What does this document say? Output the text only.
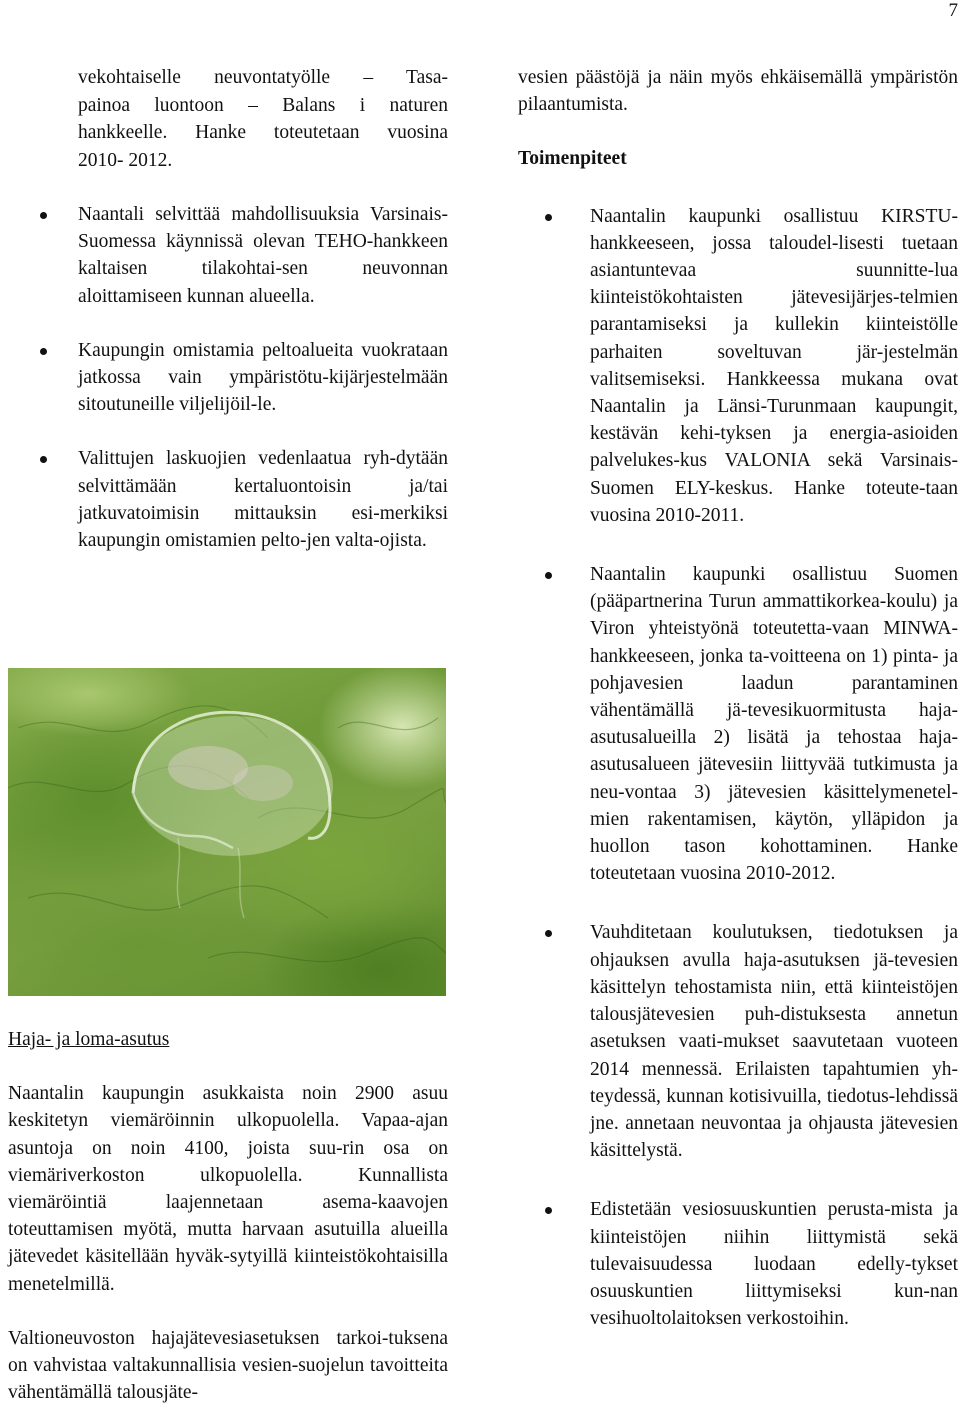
7
vekohtaiselle neuvontatyölle – Tasa-
painoa luontoon – Balans i naturen
hankkeelle. Hanke toteutetaan vuosina
2010- 2012.
Naantali selvittää mahdollisuuksia Varsinais-Suomessa käynnissä olevan TEHO-hankkeen kaltaisen tilakohtai-sen neuvonnan aloittamiseen kunnan alueella.
Kaupungin omistamia peltoalueita vuokrataan jatkossa vain ympäristötu-kijärjestelmään sitoutuneille viljelijöil-le.
Valittujen laskuojien vedenlaatua ryh-dytään selvittämään kertaluontoisin ja/tai jatkuvatoimisin mittauksin esi-merkiksi kaupungin omistamien pelto-jen valta-ojista.
Haja- ja loma-asutus

Naantalin kaupungin asukkaista noin 2900 asuu keskitetyn viemäröinnin ulkopuolella. Vapaa-ajan asuntoja on noin 4100, joista suu-rin osa on viemäriverkoston ulkopuolella. Kunnallista viemäröintiä laajennetaan asema-kaavojen toteuttamisen myötä, mutta harvaan asutuilla alueilla jätevedet käsitellään hyväk-sytyillä kiinteistökohtaisilla menetelmillä.

Valtioneuvoston hajajätevesiasetuksen tarkoi-tuksena on vahvistaa valtakunnallisia vesien-suojelun tavoitteita vähentämällä talousjäte-

vesien päästöjä ja näin myös ehkäisemällä ympäristön pilaantumista.

Toimenpiteet
Naantalin kaupunki osallistuu KIRSTU-hankkeeseen, jossa taloudel-lisesti tuetaan asiantuntevaa suunnitte-lua kiinteistökohtaisten jätevesijärjes-telmien parantamiseksi ja kullekin kiinteistölle parhaiten soveltuvan jär-jestelmän valitsemiseksi. Hankkeessa mukana ovat Naantalin ja Länsi-Turunmaan kaupungit, kestävän kehi-tyksen ja energia-asioiden palvelukes-kus VALONIA sekä Varsinais-Suomen ELY-keskus. Hanke toteute-taan vuosina 2010-2011.
Naantalin kaupunki osallistuu Suomen (pääpartnerina Turun ammattikorkea-koulu) ja Viron yhteistyönä toteutetta-vaan MINWA-hankkeeseen, jonka ta-voitteena on 1) pinta- ja pohjavesien laadun parantaminen vähentämällä jä-tevesikuormitusta haja-asutusalueilla 2) lisätä ja tehostaa haja-asutusalueen jätevesiin liittyvää tutkimusta ja neu-vontaa 3) jätevesien käsittelymenetel-mien rakentamisen, käytön, ylläpidon ja huollon tason kohottaminen. Hanke toteutetaan vuosina 2010-2012.
Vauhditetaan koulutuksen, tiedotuksen ja ohjauksen avulla haja-asutuksen jä-tevesien käsittelyn tehostamista niin, että kiinteistöjen talousjätevesien puh-distuksesta annetun asetuksen vaati-mukset saavutetaan vuoteen 2014 mennessä. Erilaisten tapahtumien yh-teydessä, kunnan kotisivuilla, tiedotus-lehdissä jne. annetaan neuvontaa ja ohjausta jätevesien käsittelystä.
Edistetään vesiosuuskuntien perusta-mista ja kiinteistöjen niihin liittymistä sekä tulevaisuudessa luodaan edelly-tykset osuuskuntien liittymiseksi kun-nan vesihuoltolaitoksen verkostoihin.
